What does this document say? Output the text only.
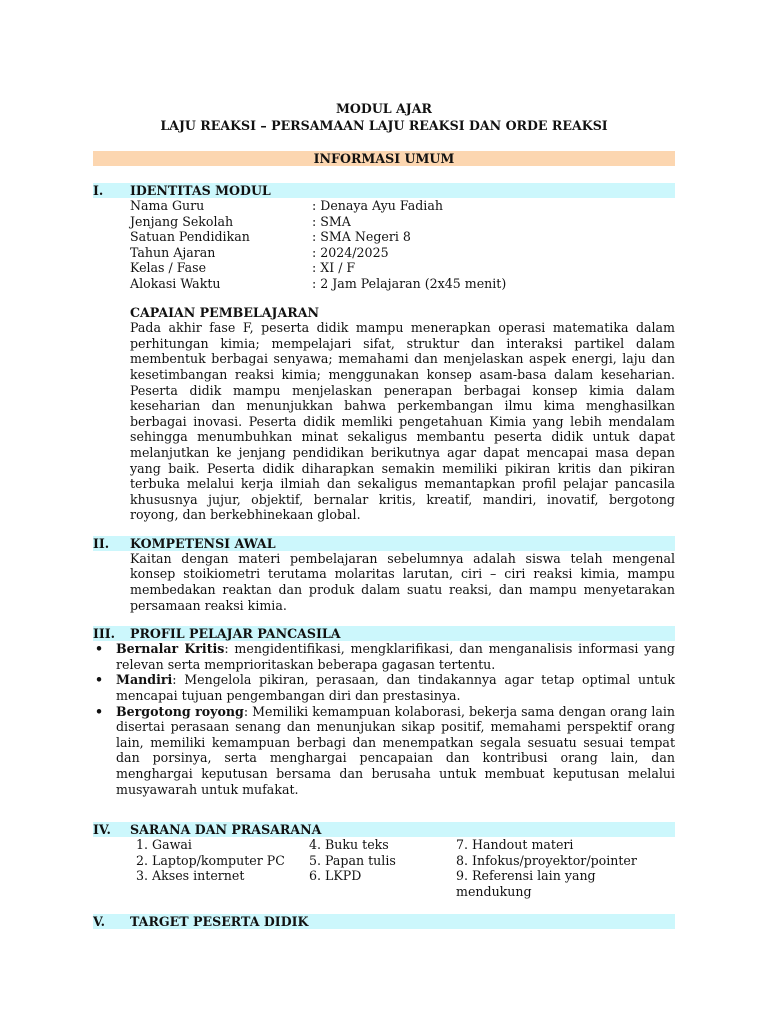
MODUL AJAR
LAJU REAKSI – PERSAMAAN LAJU REAKSI DAN ORDE REAKSI
INFORMASI UMUM
I.	IDENTITAS MODUL
Nama Guru	: Denaya Ayu Fadiah
Jenjang Sekolah	: SMA
Satuan Pendidikan	: SMA Negeri 8
Tahun Ajaran	: 2024/2025
Kelas / Fase	: XI / F
Alokasi Waktu	: 2 Jam Pelajaran (2x45 menit)
CAPAIAN PEMBELAJARAN
Pada akhir fase F, peserta didik mampu menerapkan operasi matematika dalam perhitungan kimia; mempelajari sifat, struktur dan interaksi partikel dalam membentuk berbagai senyawa; memahami dan menjelaskan aspek energi, laju dan kesetimbangan reaksi kimia; menggunakan konsep asam-basa dalam keseharian. Peserta didik mampu menjelaskan penerapan berbagai konsep kimia dalam keseharian dan menunjukkan bahwa perkembangan ilmu kima menghasilkan berbagai inovasi. Peserta didik memliki pengetahuan Kimia yang lebih mendalam sehingga menumbuhkan minat sekaligus membantu peserta didik untuk dapat melanjutkan ke jenjang pendidikan berikutnya agar dapat mencapai masa depan yang baik. Peserta didik diharapkan semakin memiliki pikiran kritis dan pikiran terbuka melalui kerja ilmiah dan sekaligus memantapkan profil pelajar pancasila khususnya jujur, objektif, bernalar kritis, kreatif, mandiri, inovatif, bergotong royong, dan berkebhinekaan global.
II.	KOMPETENSI AWAL
Kaitan dengan materi pembelajaran sebelumnya adalah siswa telah mengenal konsep stoikiometri terutama molaritas larutan, ciri – ciri reaksi kimia, mampu membedakan reaktan dan produk dalam suatu reaksi, dan mampu menyetarakan persamaan reaksi kimia.
III.	PROFIL PELAJAR PANCASILA
• Bernalar Kritis: mengidentifikasi, mengklarifikasi, dan menganalisis informasi yang relevan serta memprioritaskan beberapa gagasan tertentu.
• Mandiri: Mengelola pikiran, perasaan, dan tindakannya agar tetap optimal untuk mencapai tujuan pengembangan diri dan prestasinya.
• Bergotong royong: Memiliki kemampuan kolaborasi, bekerja sama dengan orang lain disertai perasaan senang dan menunjukan sikap positif, memahami perspektif orang lain, memiliki kemampuan berbagi dan menempatkan segala sesuatu sesuai tempat dan porsinya, serta menghargai pencapaian dan kontribusi orang lain, dan menghargai keputusan bersama dan berusaha untuk membuat keputusan melalui musyawarah untuk mufakat.
IV.	SARANA DAN PRASARANA
1. Gawai	4. Buku teks	7. Handout materi
2. Laptop/komputer PC	5. Papan tulis	8. Infokus/proyektor/pointer
3. Akses internet	6. LKPD	9. Referensi lain yang mendukung
V.	TARGET PESERTA DIDIK
